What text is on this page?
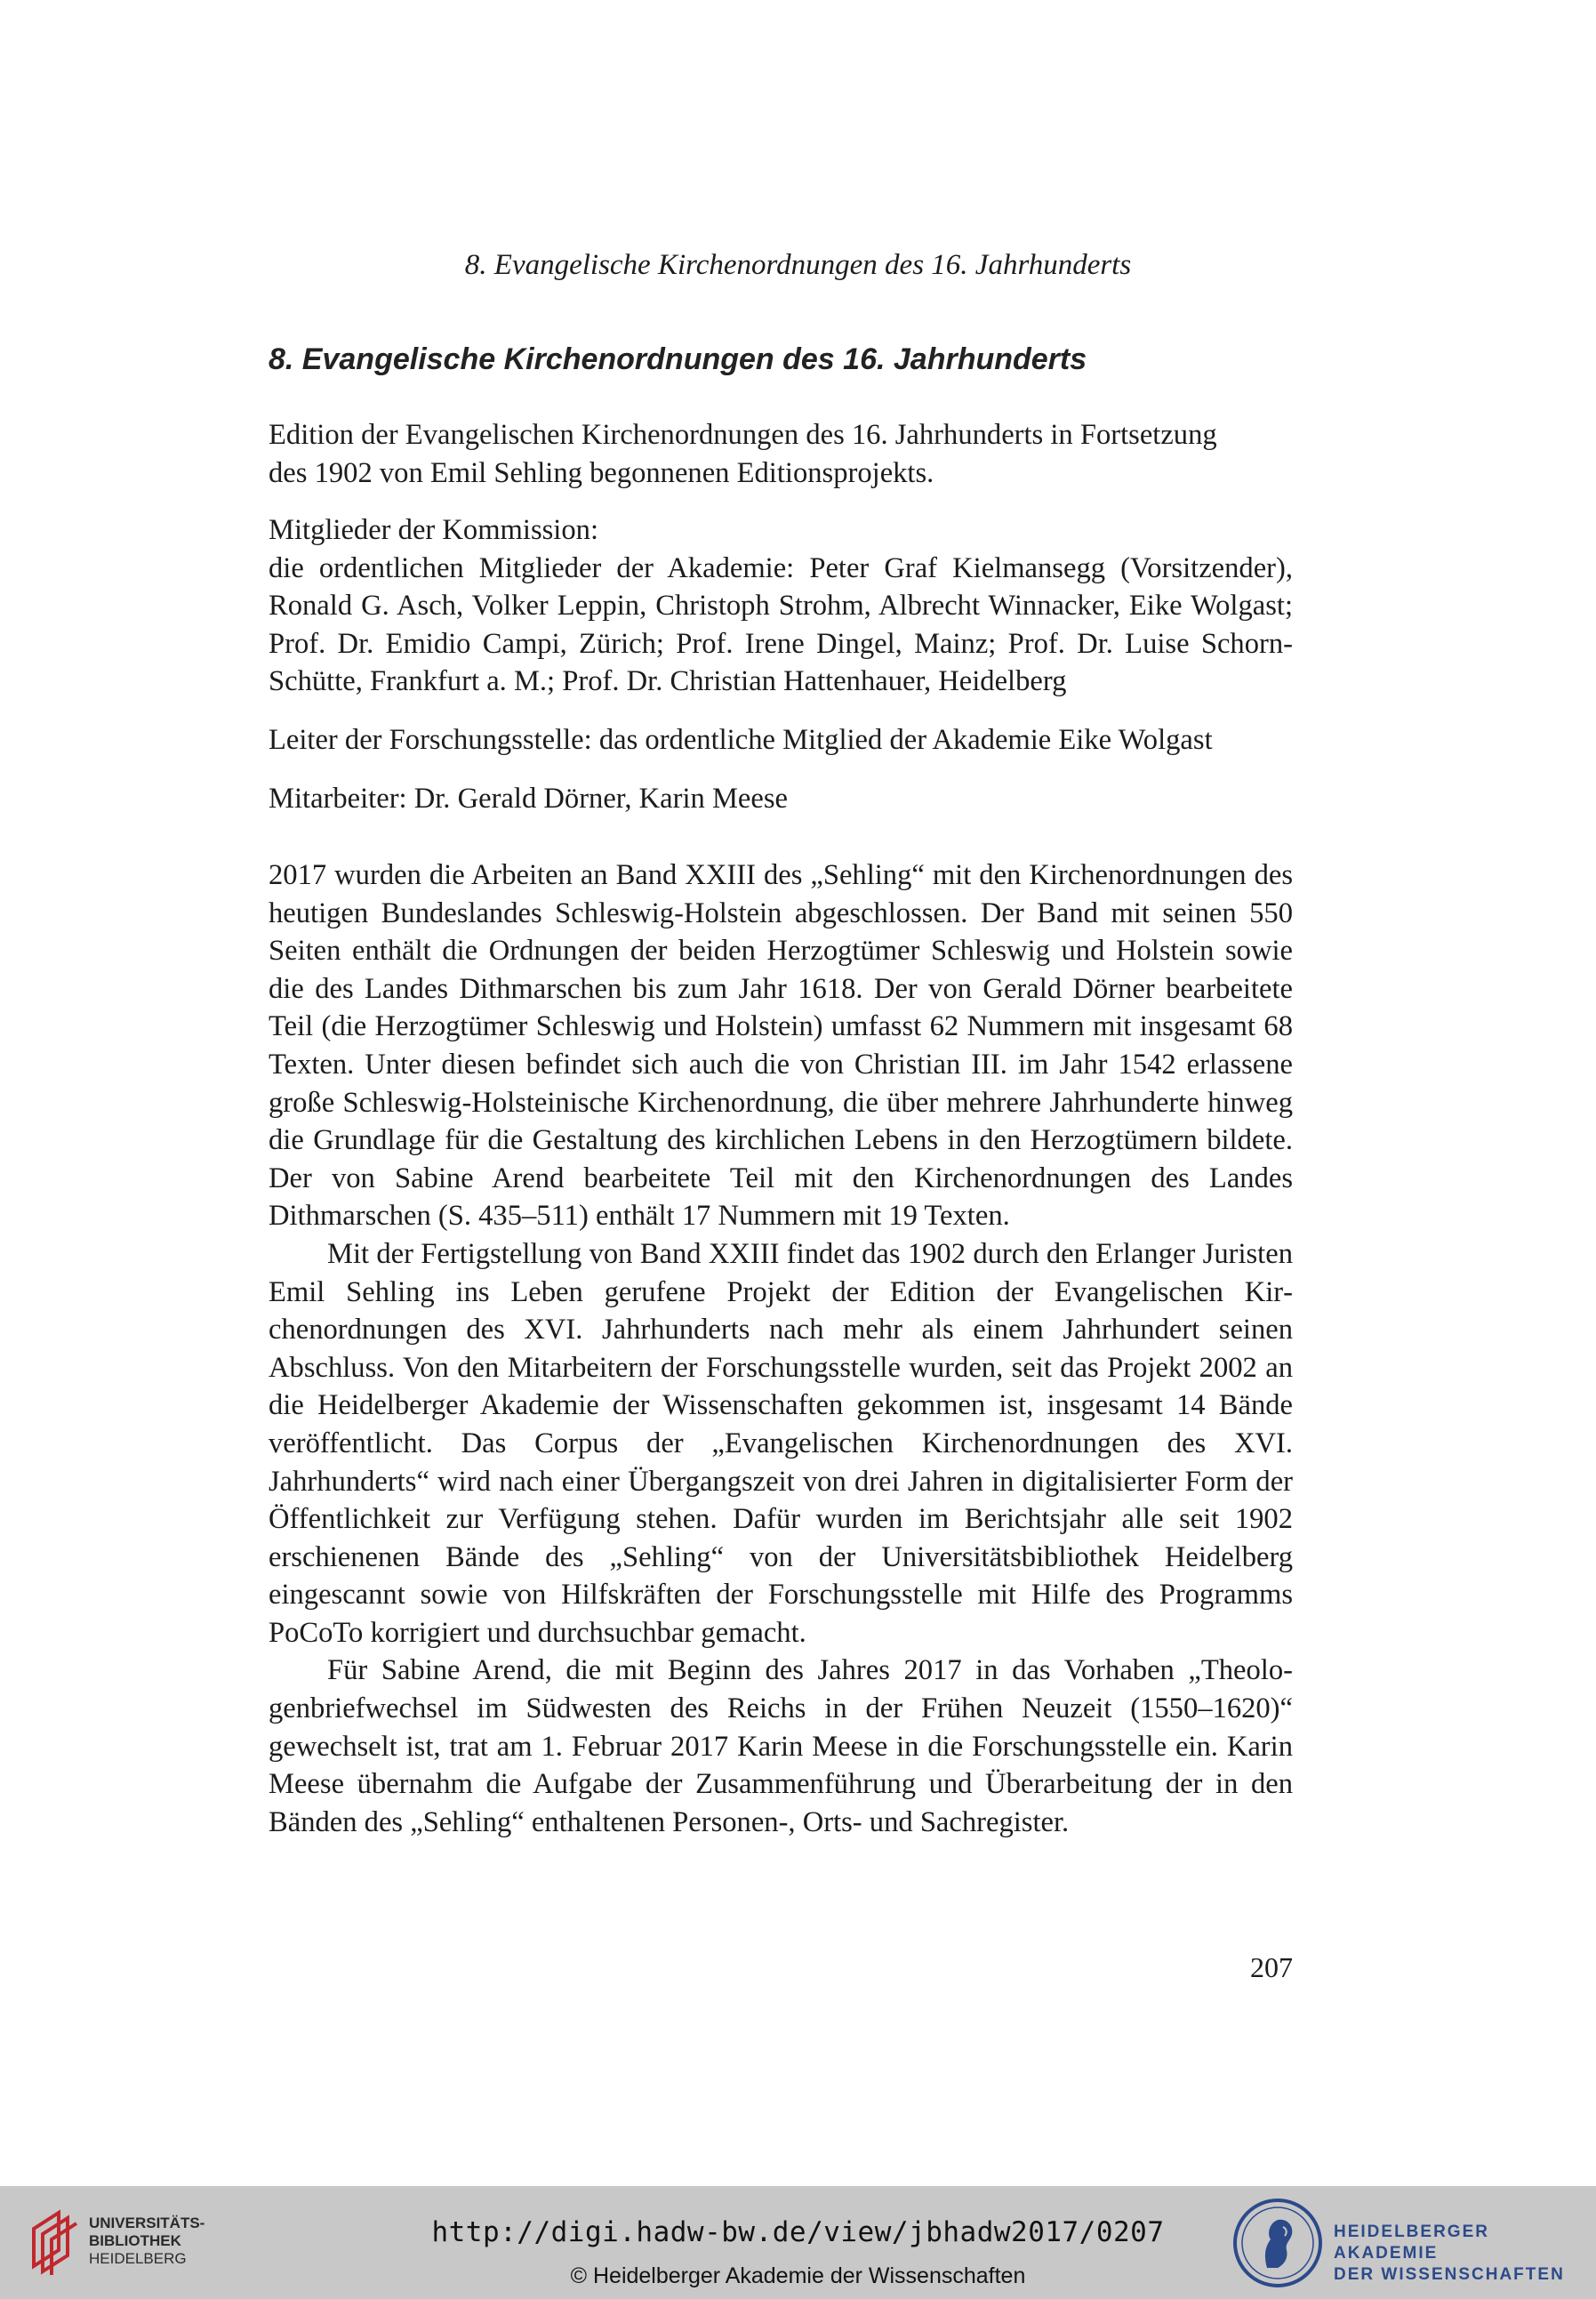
8. Evangelische Kirchenordnungen des 16. Jahrhunderts
8. Evangelische Kirchenordnungen des 16. Jahrhunderts
Edition der Evangelischen Kirchenordnungen des 16. Jahrhunderts in Fortsetzung
des 1902 von Emil Sehling begonnenen Editionsprojekts.

Mitglieder der Kommission:

die ordentlichen Mitglieder der Akademie: Peter Graf Kielmansegg (Vorsitzender), Ronald G. Asch, Volker Leppin, Christoph Strohm, Albrecht Winnacker, Eike Wolgast; Prof. Dr. Emidio Campi, Zürich; Prof. Irene Dingel, Mainz; Prof. Dr. Luise Schorn-Schütte, Frankfurt a. M.; Prof. Dr. Christian Hattenhauer, Heidelberg

Leiter der Forschungsstelle: das ordentliche Mitglied der Akademie Eike Wolgast
Mitarbeiter: Dr. Gerald Dörner, Karin Meese

2017 wurden die Arbeiten an Band XXIII des „Sehling“ mit den Kirchenordnungen des heutigen Bundeslandes Schleswig-Holstein abgeschlossen. Der Band mit seinen 550 Seiten enthält die Ordnungen der beiden Herzogtümer Schleswig und Holstein sowie die des Landes Dithmarschen bis zum Jahr 1618. Der von Gerald Dörner bearbeitete Teil (die Herzogtümer Schleswig und Holstein) umfasst 62 Nummern mit insgesamt 68 Texten. Unter diesen befindet sich auch die von Christian III. im Jahr 1542 erlassene große Schleswig-Holsteinische Kirchenordnung, die über mehrere Jahrhunderte hinweg die Grundlage für die Gestaltung des kirchlichen Lebens in den Herzogtümern bildete. Der von Sabine Arend bearbeitete Teil mit den Kirchenordnungen des Landes Dithmarschen (S. 435–511) enthält 17 Nummern mit 19 Texten.

Mit der Fertigstellung von Band XXIII findet das 1902 durch den Erlanger Juristen Emil Sehling ins Leben gerufene Projekt der Edition der Evangelischen Kirchenordnungen des XVI. Jahrhunderts nach mehr als einem Jahrhundert seinen Abschluss. Von den Mitarbeitern der Forschungsstelle wurden, seit das Projekt 2002 an die Heidelberger Akademie der Wissenschaften gekommen ist, insgesamt 14 Bände veröffentlicht. Das Corpus der „Evangelischen Kirchenordnungen des XVI. Jahrhunderts“ wird nach einer Übergangszeit von drei Jahren in digitalisierter Form der Öffentlichkeit zur Verfügung stehen. Dafür wurden im Berichtsjahr alle seit 1902 erschienenen Bände des „Sehling“ von der Universitätsbibliothek Heidelberg eingescannt sowie von Hilfskräften der Forschungsstelle mit Hilfe des Programms PoCoTo korrigiert und durchsuchbar gemacht.

Für Sabine Arend, die mit Beginn des Jahres 2017 in das Vorhaben „Theologenbriefwechsel im Südwesten des Reichs in der Frühen Neuzeit (1550–1620)“ gewechselt ist, trat am 1. Februar 2017 Karin Meese in die Forschungsstelle ein. Karin Meese übernahm die Aufgabe der Zusammenführung und Überarbeitung der in den Bänden des „Sehling“ enthaltenen Personen-, Orts- und Sachregister.

207
UNIVERSITÄTS-
BIBLIOTHEK
HEIDELBERG
http://digi.hadw-bw.de/view/jbhadw2017/0207
© Heidelberger Akademie der Wissenschaften
HEIDELBERGER AKADEMIE
DER WISSENSCHAFTEN
